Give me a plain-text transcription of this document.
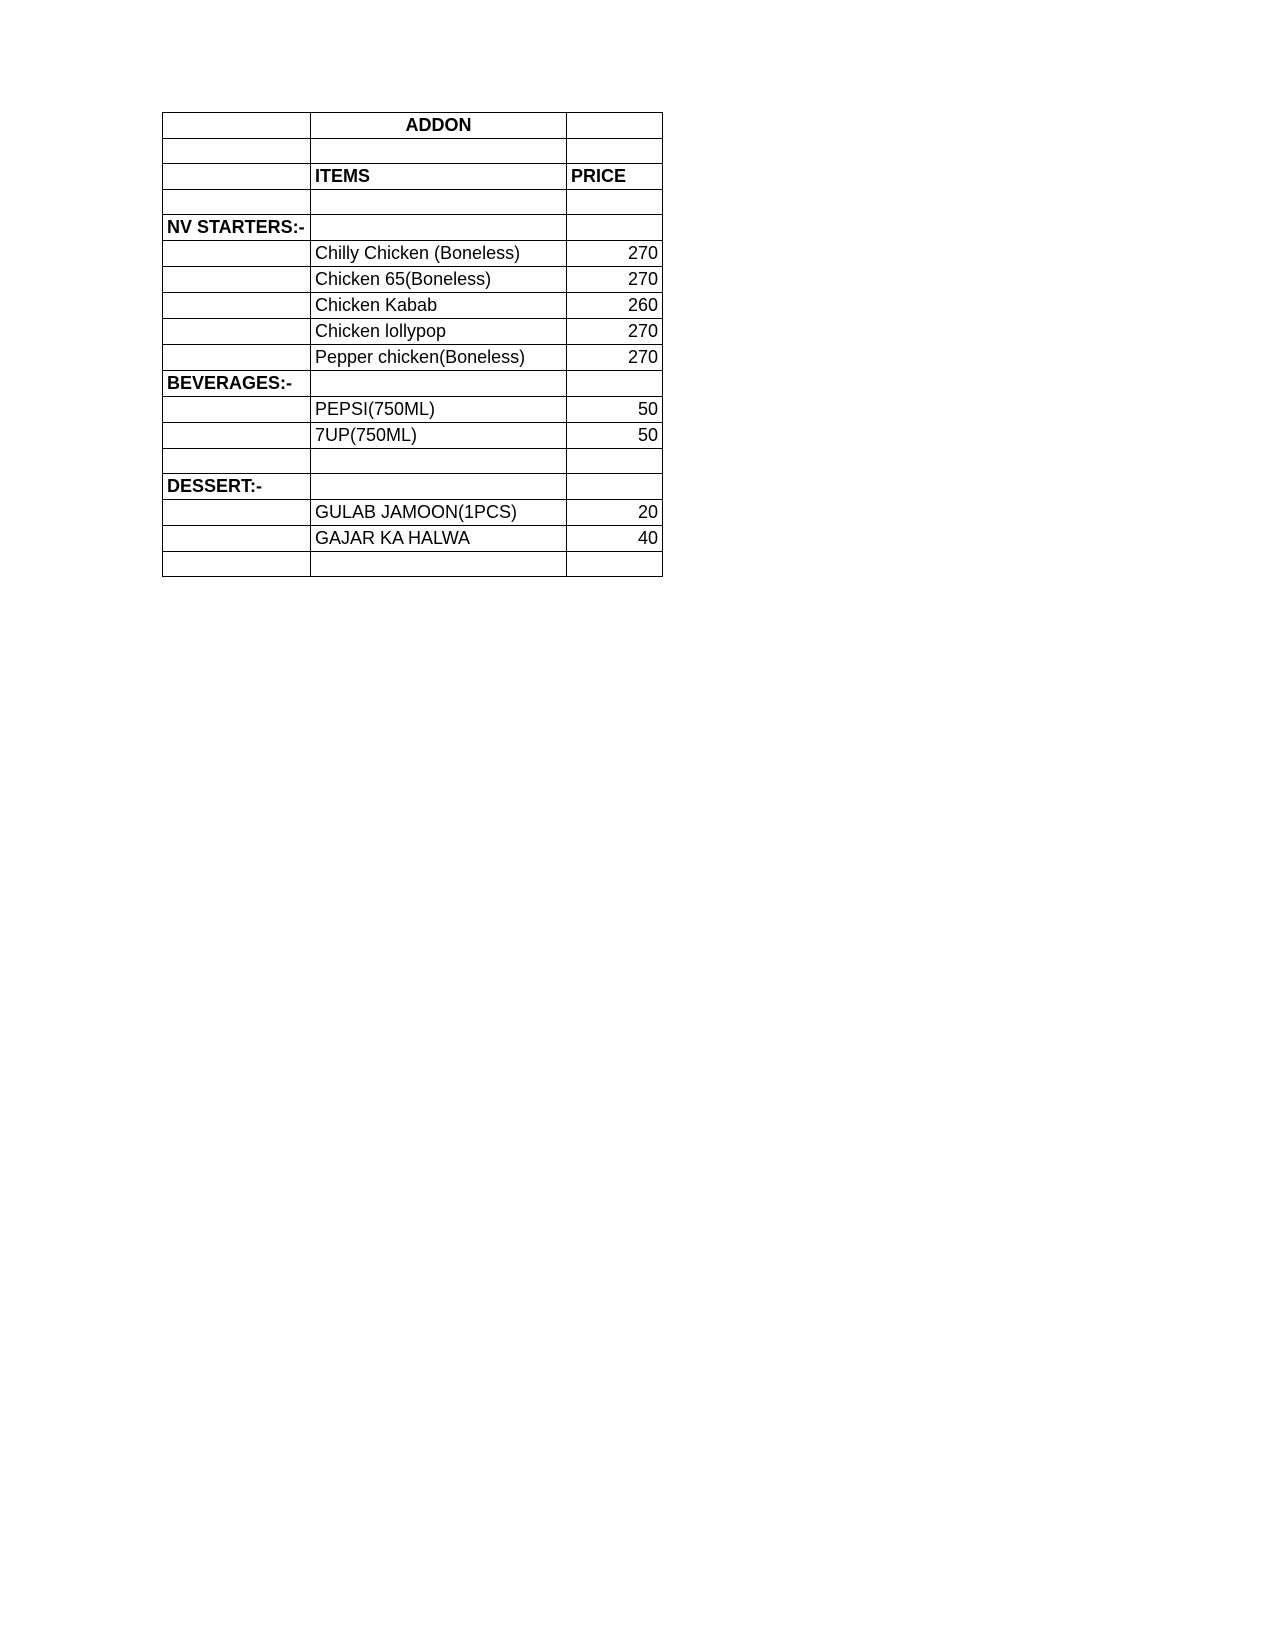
	ADDON	

	ITEMS	PRICE

NV STARTERS:-		
	Chilly Chicken (Boneless)	270
	Chicken 65(Boneless)	270
	Chicken Kabab	260
	Chicken lollypop	270
	Pepper chicken(Boneless)	270
BEVERAGES:-		
	PEPSI(750ML)	50
	7UP(750ML)	50

DESSERT:-		
	GULAB JAMOON(1PCS)	20
	GAJAR KA HALWA	40
